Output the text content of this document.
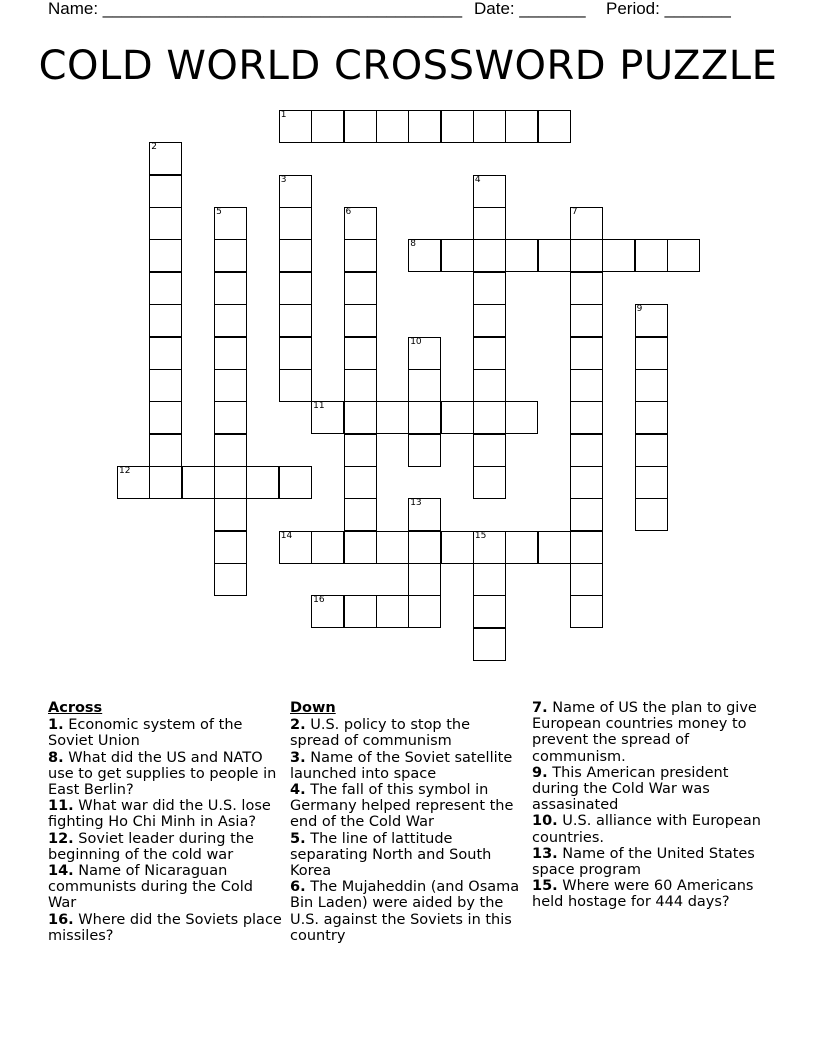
Name: ______________________________________ Date: _______ Period: _______
COLD WORLD CROSSWORD PUZZLE
1
2
3	4
5	6	7
8
9
10
11
12
13
14	15
16
Across
1. Economic system of the Soviet Union
8. What did the US and NATO use to get supplies to people in East Berlin?
11. What war did the U.S. lose fighting Ho Chi Minh in Asia?
12. Soviet leader during the beginning of the cold war
14. Name of Nicaraguan communists during the Cold War
16. Where did the Soviets place missiles?
Down
2. U.S. policy to stop the spread of communism
3. Name of the Soviet satellite launched into space
4. The fall of this symbol in Germany helped represent the end of the Cold War
5. The line of lattitude separating North and South Korea
6. The Mujaheddin (and Osama Bin Laden) were aided by the U.S. against the Soviets in this country
7. Name of US the plan to give European countries money to prevent the spread of communism.
9. This American president during the Cold War was assasinated
10. U.S. alliance with European countries.
13. Name of the United States space program
15. Where were 60 Americans held hostage for 444 days?
